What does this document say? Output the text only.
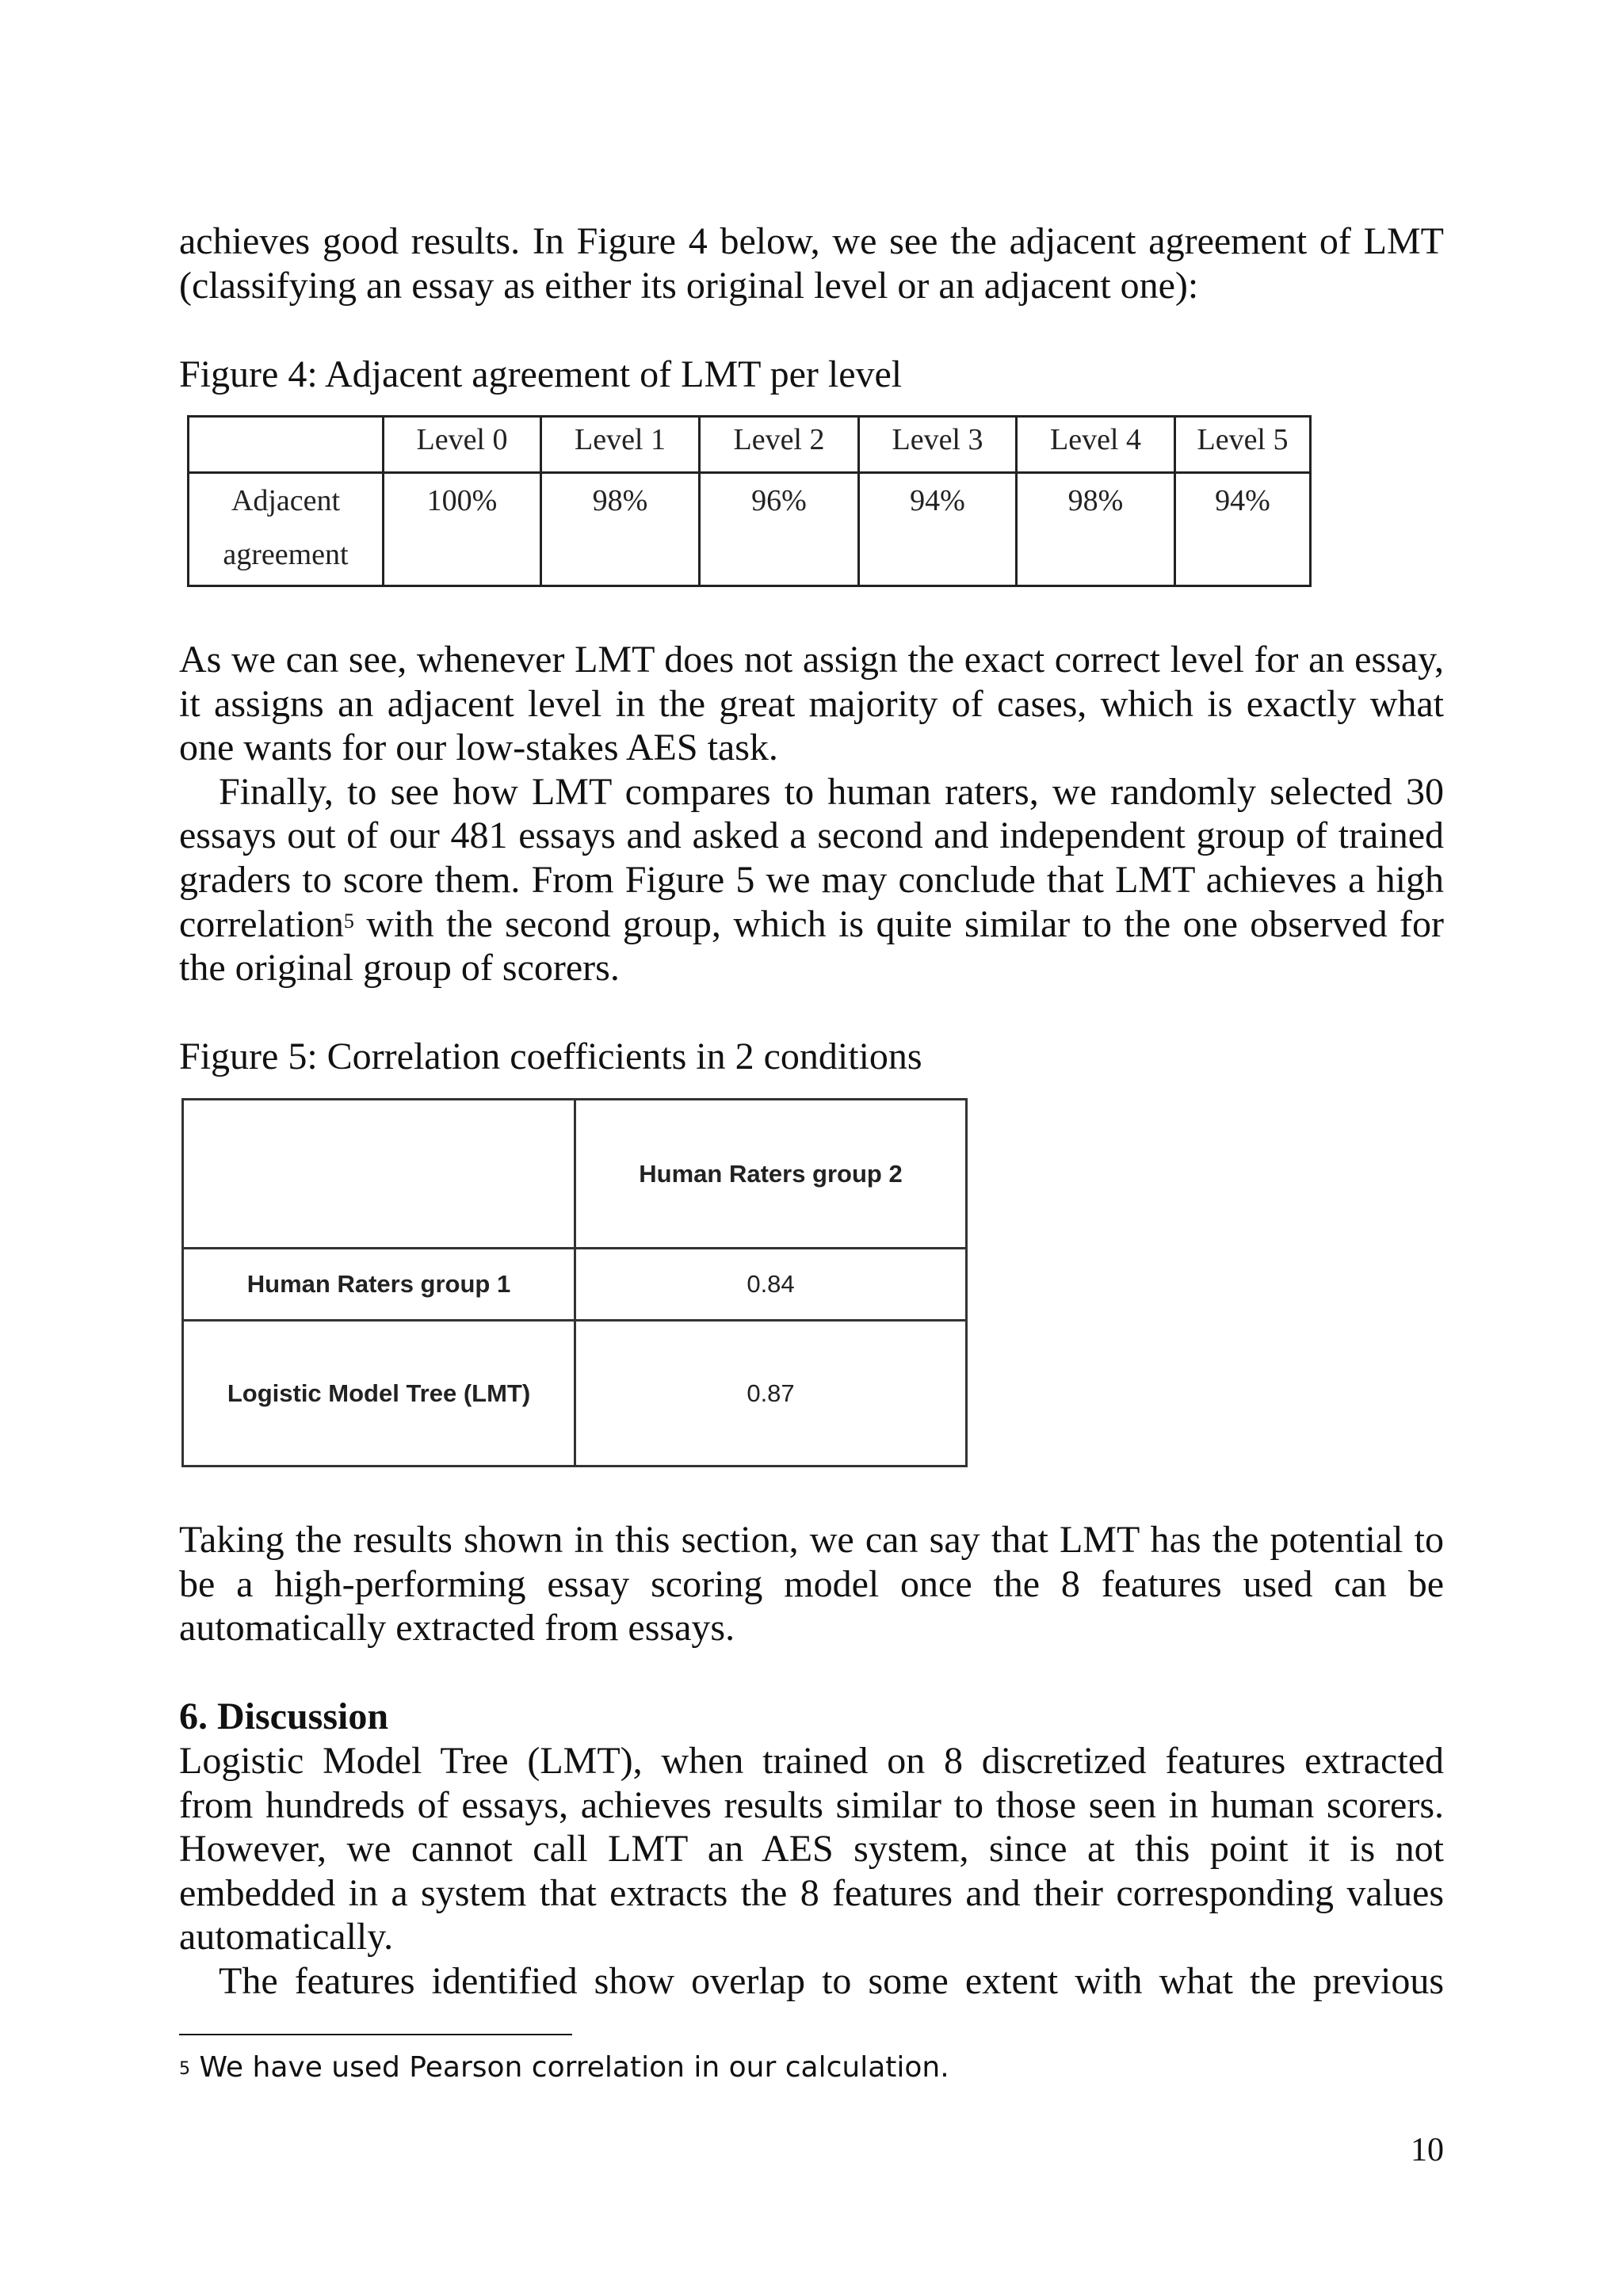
achieves good results. In Figure 4 below, we see the adjacent agreement of LMT
(classifying an essay as either its original level or an adjacent one):

Figure 4: Adjacent agreement of LMT per level

	Level 0	Level 1	Level 2	Level 3	Level 4	Level 5
Adjacent
agreement	100%	98%	96%	94%	98%	94%

As we can see, whenever LMT does not assign the exact correct level for an essay,
it assigns an adjacent level in the great majority of cases, which is exactly what
one wants for our low-stakes AES task.
Finally, to see how LMT compares to human raters, we randomly selected 30
essays out of our 481 essays and asked a second and independent group of trained
graders to score them. From Figure 5 we may conclude that LMT achieves a high
correlation$^5$ with the second group, which is quite similar to the one observed for
the original group of scorers.

Figure 5: Correlation coefficients in 2 conditions

	Human Raters group 2
Human Raters group 1	0.84
Logistic Model Tree (LMT)	0.87

Taking the results shown in this section, we can say that LMT has the potential to
be a high-performing essay scoring model once the 8 features used can be
automatically extracted from essays.

6. Discussion

Logistic Model Tree (LMT), when trained on 8 discretized features extracted
from hundreds of essays, achieves results similar to those seen in human scorers.
However, we cannot call LMT an AES system, since at this point it is not
embedded in a system that extracts the 8 features and their corresponding values
automatically.
The features identified show overlap to some extent with what the previous

$^5$ We have used Pearson correlation in our calculation.
10
